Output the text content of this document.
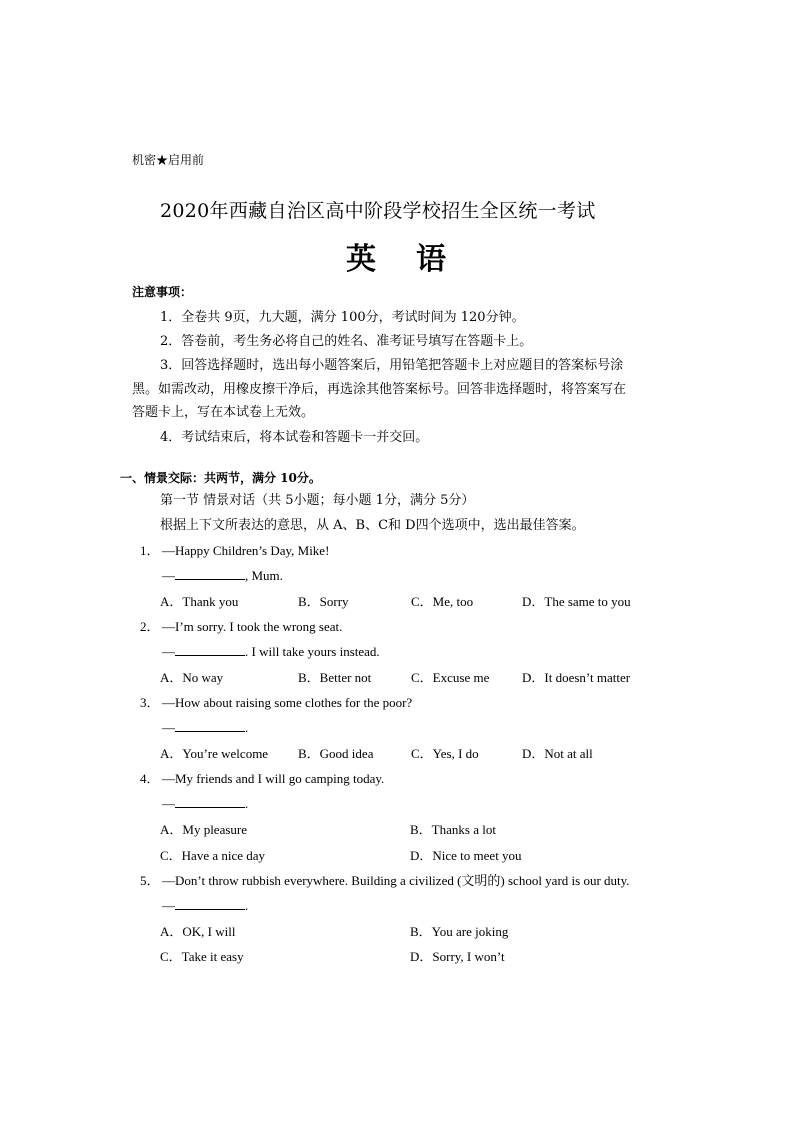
机密★启用前
2020年西藏自治区高中阶段学校招生全区统一考试
英语
注意事项：
1．全卷共 9页，九大题，满分 100分，考试时间为 120分钟。
2．答卷前，考生务必将自己的姓名、准考证号填写在答题卡上。
3．回答选择题时，选出每小题答案后，用铅笔把答题卡上对应题目的答案标号涂
黑。如需改动，用橡皮擦干净后，再选涂其他答案标号。回答非选择题时，将答案写在
答题卡上，写在本试卷上无效。
4．考试结束后，将本试卷和答题卡一并交回。
一、情景交际：共两节，满分 10分。
第一节 情景对话（共 5小题；每小题 1分，满分 5分）
根据上下文所表达的意思，从 A、B、C和 D四个选项中，选出最佳答案。
1． —Happy Children’s Day, Mike!
—	, Mum.
A．Thank you	B．Sorry	C．Me, too	D．The same to you
2． —I’m sorry. I took the wrong seat.
—	. I will take yours instead.
A．No way	B．Better not	C．Excuse me	D．It doesn’t matter
3． —How about raising some clothes for the poor?
—	.
A．You’re welcome B．Good idea	C．Yes, I do	D．Not at all
4． —My friends and I will go camping today.
—	.
A．My pleasure	B．Thanks a lot
C．Have a nice day	D．Nice to meet you
5． —Don’t throw rubbish everywhere. Building a civilized (文明的) school yard is our duty.
—	.
A．OK, I will	B．You are joking
C．Take it easy	D．Sorry, I won’t
